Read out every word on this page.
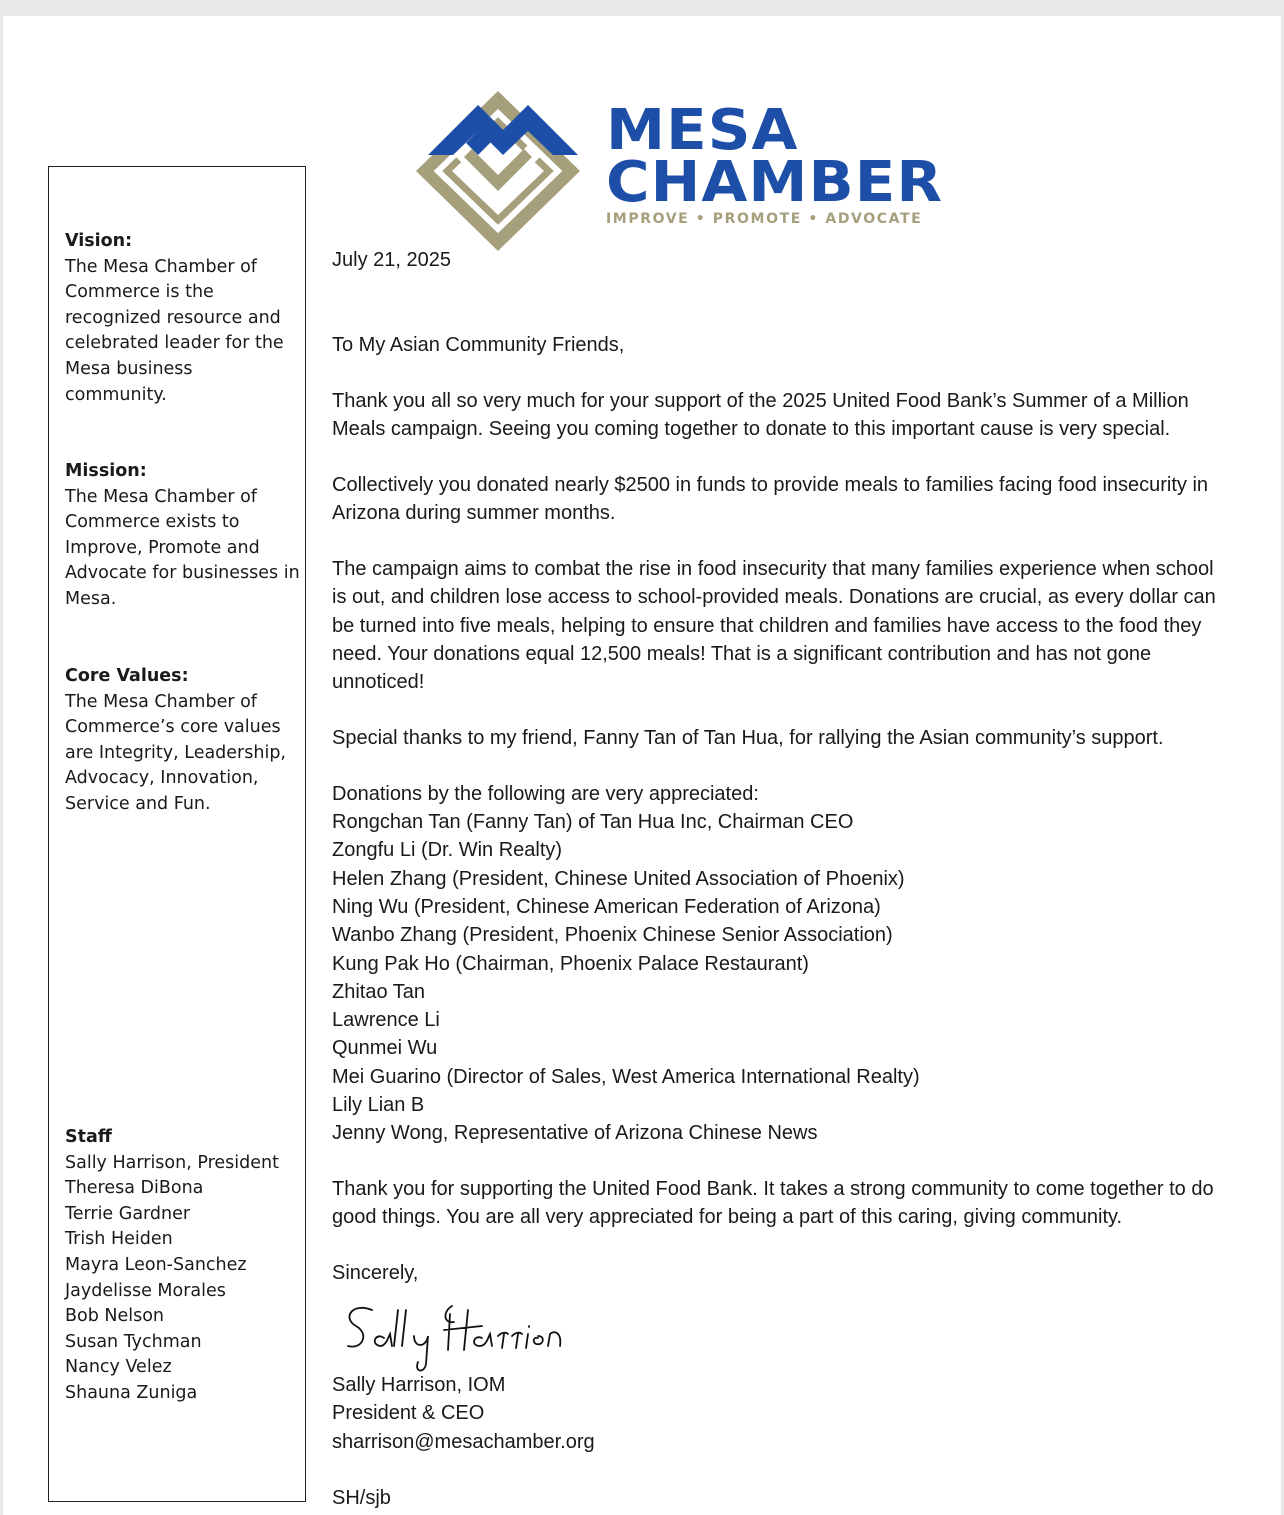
MESA
CHAMBER
IMPROVE • PROMOTE • ADVOCATE
Vision:
The Mesa Chamber of
Commerce is the
recognized resource and
celebrated leader for the
Mesa business
community.
Mission:
The Mesa Chamber of
Commerce exists to
Improve, Promote and
Advocate for businesses in
Mesa.
Core Values:
The Mesa Chamber of
Commerce’s core values
are Integrity, Leadership,
Advocacy, Innovation,
Service and Fun.
Staff
Sally Harrison, President
Theresa DiBona
Terrie Gardner
Trish Heiden
Mayra Leon-Sanchez
Jaydelisse Morales
Bob Nelson
Susan Tychman
Nancy Velez
Shauna Zuniga

July 21, 2025

To My Asian Community Friends,

Thank you all so very much for your support of the 2025 United Food Bank’s Summer of a Million Meals campaign. Seeing you coming together to donate to this important cause is very special.

Collectively you donated nearly $2500 in funds to provide meals to families facing food insecurity in Arizona during summer months.

The campaign aims to combat the rise in food insecurity that many families experience when school is out, and children lose access to school-provided meals. Donations are crucial, as every dollar can be turned into five meals, helping to ensure that children and families have access to the food they need. Your donations equal 12,500 meals! That is a significant contribution and has not gone unnoticed!

Special thanks to my friend, Fanny Tan of Tan Hua, for rallying the Asian community’s support.

Donations by the following are very appreciated:
Rongchan Tan (Fanny Tan) of Tan Hua Inc, Chairman CEO
Zongfu Li (Dr. Win Realty)
Helen Zhang (President, Chinese United Association of Phoenix)
Ning Wu (President, Chinese American Federation of Arizona)
Wanbo Zhang (President, Phoenix Chinese Senior Association)
Kung Pak Ho (Chairman, Phoenix Palace Restaurant)
Zhitao Tan
Lawrence Li
Qunmei Wu
Mei Guarino (Director of Sales, West America International Realty)
Lily Lian B
Jenny Wong, Representative of Arizona Chinese News

Thank you for supporting the United Food Bank. It takes a strong community to come together to do good things. You are all very appreciated for being a part of this caring, giving community.

Sincerely,

Sally Harrison, IOM
President & CEO
sharrison@mesachamber.org
SH/sjb
